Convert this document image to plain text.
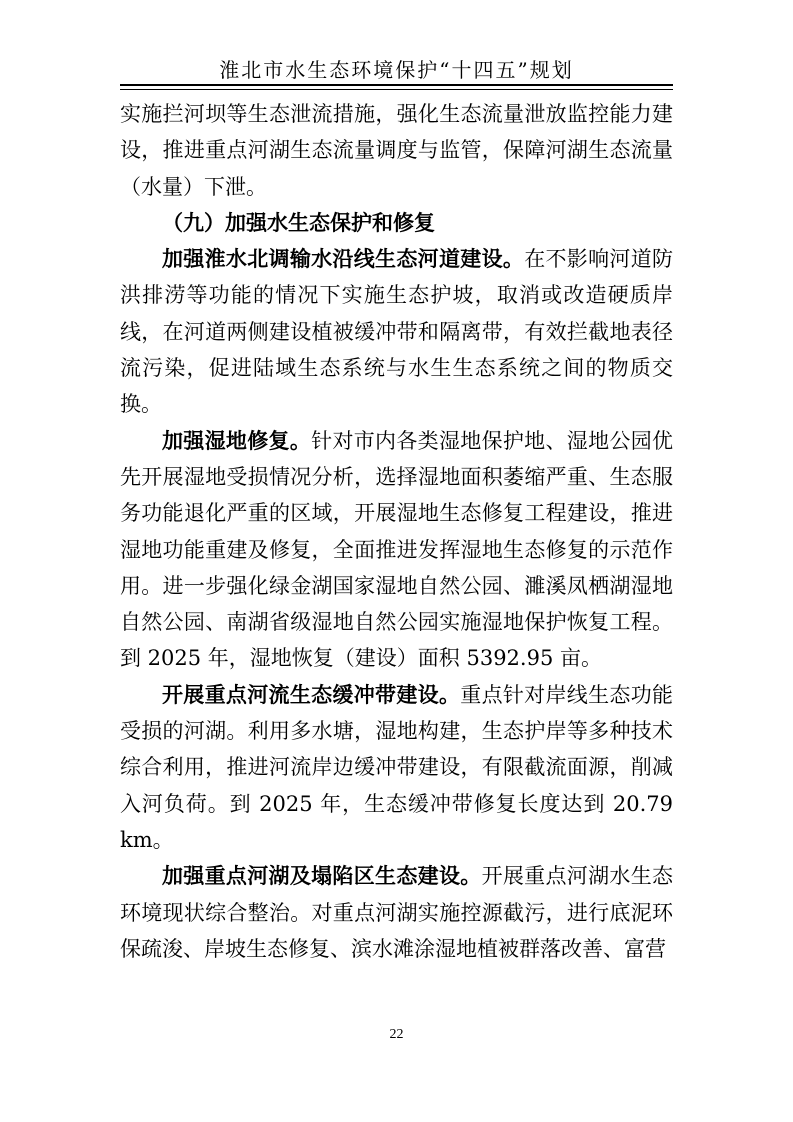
淮北市水生态环境保护“十四五”规划

实施拦河坝等生态泄流措施，强化生态流量泄放监控能力建设，推进重点河湖生态流量调度与监管，保障河湖生态流量（水量）下泄。

（九）加强水生态保护和修复

加强淮水北调输水沿线生态河道建设。在不影响河道防洪排涝等功能的情况下实施生态护坡，取消或改造硬质岸线，在河道两侧建设植被缓冲带和隔离带，有效拦截地表径流污染，促进陆域生态系统与水生生态系统之间的物质交换。

加强湿地修复。针对市内各类湿地保护地、湿地公园优先开展湿地受损情况分析，选择湿地面积萎缩严重、生态服务功能退化严重的区域，开展湿地生态修复工程建设，推进湿地功能重建及修复，全面推进发挥湿地生态修复的示范作用。进一步强化绿金湖国家湿地自然公园、濉溪凤栖湖湿地自然公园、南湖省级湿地自然公园实施湿地保护恢复工程。到 2025 年，湿地恢复（建设）面积 5392.95 亩。

开展重点河流生态缓冲带建设。重点针对岸线生态功能受损的河湖。利用多水塘，湿地构建，生态护岸等多种技术综合利用，推进河流岸边缓冲带建设，有限截流面源，削减入河负荷。到 2025 年，生态缓冲带修复长度达到 20.79 km。

加强重点河湖及塌陷区生态建设。开展重点河湖水生态环境现状综合整治。对重点河湖实施控源截污，进行底泥环保疏浚、岸坡生态修复、滨水滩涂湿地植被群落改善、富营

22
